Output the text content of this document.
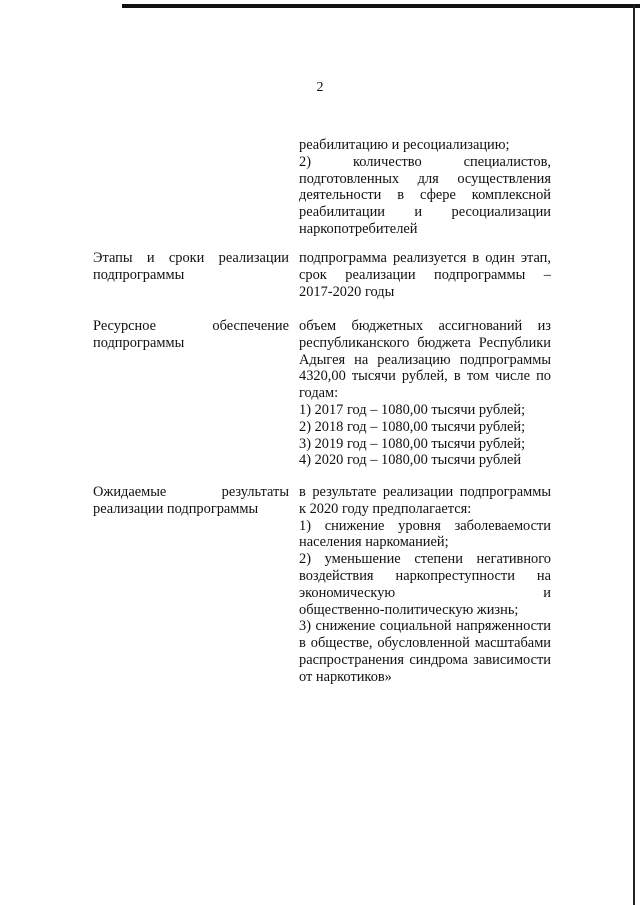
2
реабилитацию и ресоциализацию;
2) количество специалистов,
подготовленных для осуществления
деятельности в сфере комплексной
реабилитации и ресоциализации
наркопотребителей
Этапы и сроки реализации подпрограммы
подпрограмма реализуется в один этап,
срок реализации подпрограммы –
2017-2020 годы
Ресурсное обеспечение подпрограммы
объем бюджетных ассигнований из
республиканского бюджета Республики
Адыгея на реализацию подпрограммы
4320,00 тысячи рублей, в том числе по
годам:
1) 2017 год – 1080,00 тысячи рублей;
2) 2018 год – 1080,00 тысячи рублей;
3) 2019 год – 1080,00 тысячи рублей;
4) 2020 год – 1080,00 тысячи рублей
Ожидаемые результаты реализации подпрограммы
в результате реализации подпрограммы
к 2020 году предполагается:
1) снижение уровня заболеваемости
населения наркоманией;
2) уменьшение степени негативного
воздействия наркопреступности на
экономическую и
общественно-политическую жизнь;
3) снижение социальной напряженности
в обществе, обусловленной масштабами
распространения синдрома зависимости
от наркотиков»
